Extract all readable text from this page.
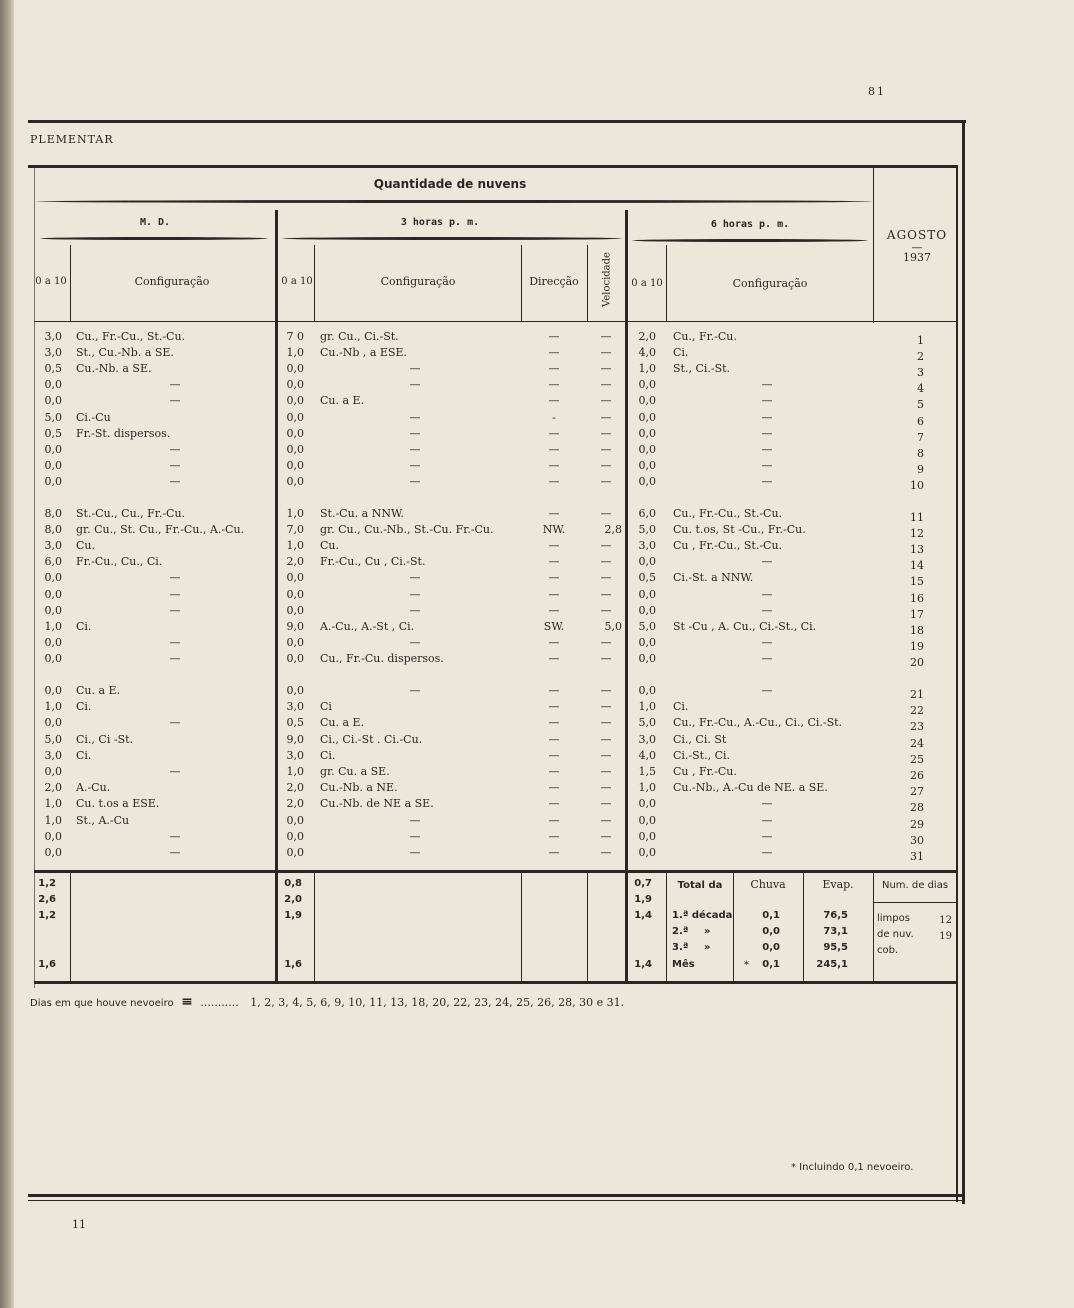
81
PLEMENTAR
Quantidade de nuvens
M. D.	3 horas p. m.	6 horas p. m.
AGOSTO
—
1937
0 a 10	Configuração	0 a 10	Configuração	Direcção	Velocidade	0 a 10	Configuração
3,0 Cu., Fr.-Cu., St.-Cu.	7 0 gr. Cu., Ci.-St.	—	—	2,0 Cu., Fr.-Cu.	1
3,0 St., Cu.-Nb. a SE.	1,0 Cu.-Nb , a ESE.	—	—	4,0 Ci.	2
0,5 Cu.-Nb. a SE.	0,0	—	—	—	1,0 St., Ci.-St.	3
0,0	—	0,0	—	—	—	0,0	—	4
0,0	—	0,0 Cu. a E.	—	—	0,0	—	5
5,0 Ci.-Cu	0,0	—	-	—	0,0	—	6
0,5 Fr.-St. dispersos.	0,0	—	—	—	0,0	—	7
0,0	—	0,0	—	—	—	0,0	—	8
0,0	—	0,0	—	—	—	0,0	—	9
0,0	—	0,0	—	—	—	0,0	—	10
8,0 St.-Cu., Cu., Fr.-Cu.	1,0 St.-Cu. a NNW.	—	—	6,0 Cu., Fr.-Cu., St.-Cu.	11
8,0 gr. Cu., St. Cu., Fr.-Cu., A.-Cu.	7,0 gr. Cu., Cu.-Nb., St.-Cu. Fr.-Cu.	NW.	2,8	5,0 Cu. t.os, St -Cu., Fr.-Cu.	12
3,0 Cu.	1,0 Cu.	—	—	3,0 Cu , Fr.-Cu., St.-Cu.	13
6,0 Fr.-Cu., Cu., Ci.	2,0 Fr.-Cu., Cu , Ci.-St.	—	—	0,0	—	14
0,0	—	0,0	—	—	—	0,5 Ci.-St. a NNW.	15
0,0	—	0,0	—	—	—	0,0	—	16
0,0	—	0,0	—	—	—	0,0	—	17
1,0 Ci.	9,0 A.-Cu., A.-St , Ci.	SW.	5,0	5,0 St -Cu , A. Cu., Ci.-St., Ci.	18
0,0	—	0,0	—	—	—	0,0	—	19
0,0	—	0,0 Cu., Fr.-Cu. dispersos.	—	—	0,0	—	20
0,0 Cu. a E.	0,0	—	—	—	0,0	—	21
1,0 Ci.	3,0 Ci	—	—	1,0 Ci.	22
0,0	—	0,5 Cu. a E.	—	—	5,0 Cu., Fr.-Cu., A.-Cu., Ci., Ci.-St.	23
5,0 Ci., Ci -St.	9,0 Ci., Ci.-St . Ci.-Cu.	—	—	3,0 Ci., Ci. St	24
3,0 Ci.	3,0 Ci.	—	—	4,0 Ci.-St., Ci.	25
0,0	—	1,0 gr. Cu. a SE.	—	—	1,5 Cu , Fr.-Cu.	26
2,0 A.-Cu.	2,0 Cu.-Nb. a NE.	—	—	1,0 Cu.-Nb., A.-Cu de NE. a SE.	27
1,0 Cu. t.os a ESE.	2,0 Cu.-Nb. de NE a SE.	—	—	0,0	—	28
1,0 St., A.-Cu	0,0	—	—	—	0,0	—	29
0,0	—	0,0	—	—	—	0,0	—	30
0,0	—	0,0	—	—	—	0,0	—	31
1,2	0,8	0,7
2,6	2,0	1,9
1,2	1,9	1,4
1,6	1,6	1,4
Total da	Chuva	Evap.
1.ª década	0,1	76,5
2.ª	»	0,0	73,1
3.ª	»	0,0	95,5
Mês	*	0,1	245,1
Num. de dias
limpos	12
de nuv.	19
cob.
Dias em que houve nevoeiro ≡ ........... 1, 2, 3, 4, 5, 6, 9, 10, 11, 13, 18, 20, 22, 23, 24, 25, 26, 28, 30 e 31.
* Incluindo 0,1 nevoeiro.
11
